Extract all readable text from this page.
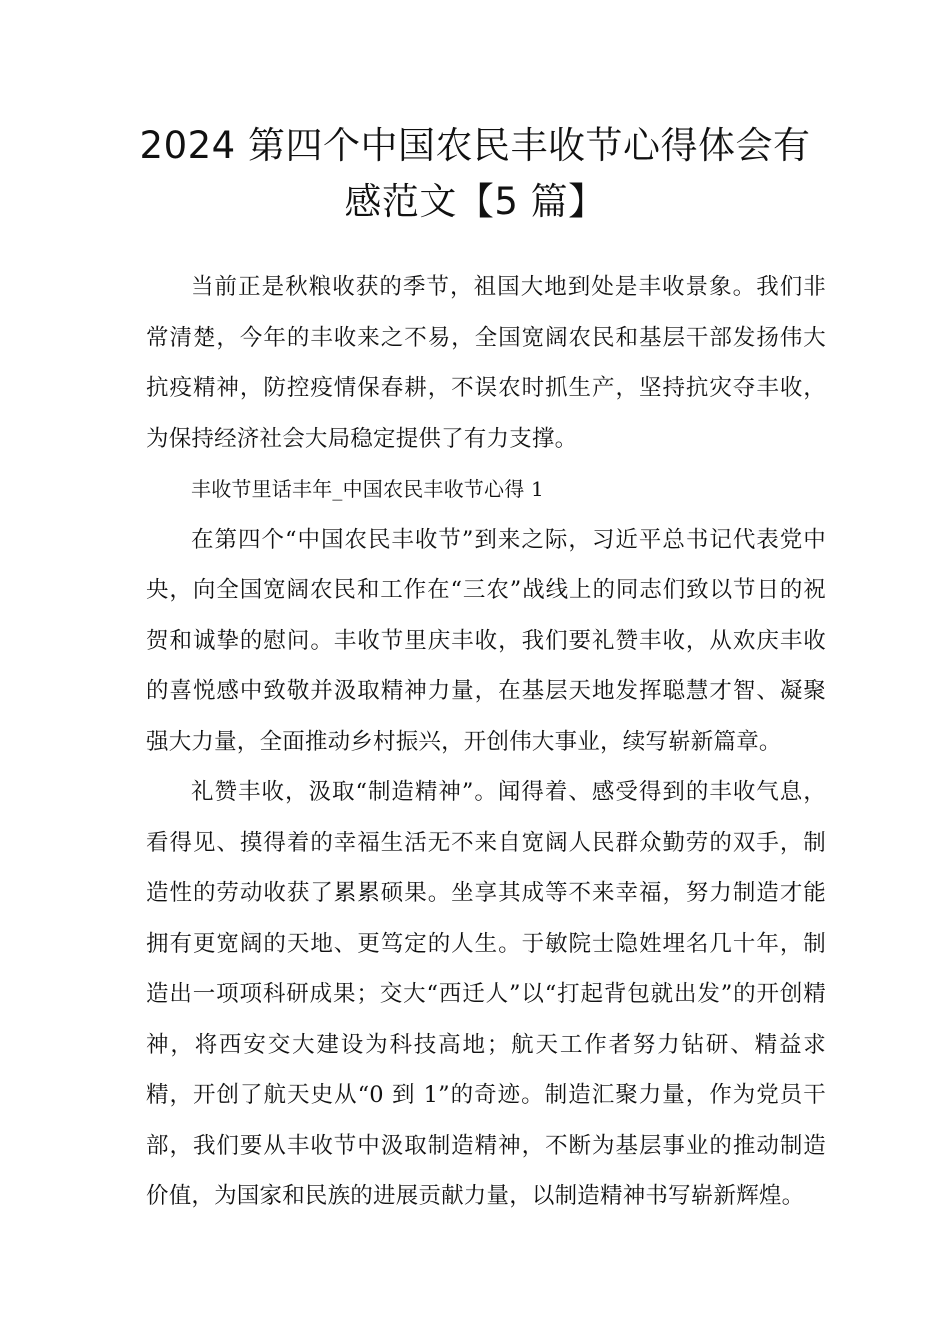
2024 第四个中国农民丰收节心得体会有
感范文【5 篇】

当前正是秋粮收获的季节，祖国大地到处是丰收景象。我们非常清楚，今年的丰收来之不易，全国宽阔农民和基层干部发扬伟大抗疫精神，防控疫情保春耕，不误农时抓生产，坚持抗灾夺丰收，为保持经济社会大局稳定提供了有力支撑。

丰收节里话丰年_中国农民丰收节心得 1

在第四个“中国农民丰收节”到来之际，习近平总书记代表党中央，向全国宽阔农民和工作在“三农”战线上的同志们致以节日的祝贺和诚挚的慰问。丰收节里庆丰收，我们要礼赞丰收，从欢庆丰收的喜悦感中致敬并汲取精神力量，在基层天地发挥聪慧才智、凝聚强大力量，全面推动乡村振兴，开创伟大事业，续写崭新篇章。

礼赞丰收，汲取“制造精神”。闻得着、感受得到的丰收气息，看得见、摸得着的幸福生活无不来自宽阔人民群众勤劳的双手，制造性的劳动收获了累累硕果。坐享其成等不来幸福，努力制造才能拥有更宽阔的天地、更笃定的人生。于敏院士隐姓埋名几十年，制造出一项项科研成果；交大“西迁人”以“打起背包就出发”的开创精神，将西安交大建设为科技高地；航天工作者努力钻研、精益求精，开创了航天史从“0 到 1”的奇迹。制造汇聚力量，作为党员干部，我们要从丰收节中汲取制造精神，不断为基层事业的推动制造价值，为国家和民族的进展贡献力量，以制造精神书写崭新辉煌。
